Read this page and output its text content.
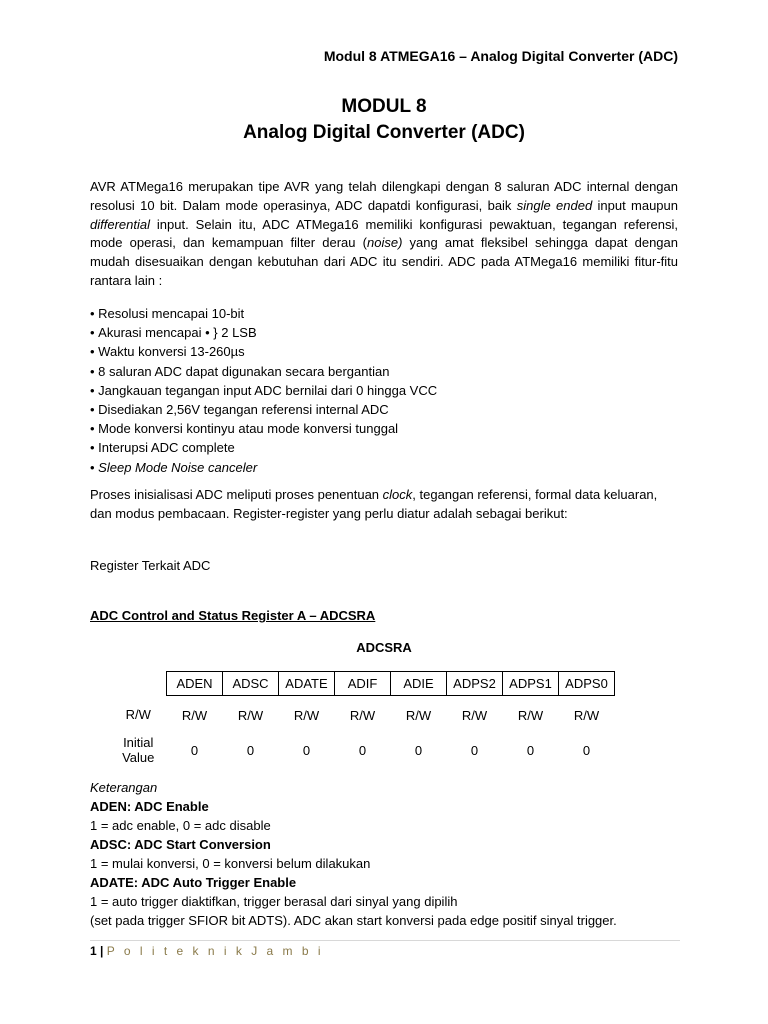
Modul 8 ATMEGA16 – Analog Digital Converter (ADC)
MODUL 8
Analog Digital Converter (ADC)
AVR ATMega16 merupakan tipe AVR yang telah dilengkapi dengan 8 saluran ADC internal dengan resolusi 10 bit. Dalam mode operasinya, ADC dapatdi konfigurasi, baik single ended input maupun differential input. Selain itu, ADC ATMega16 memiliki konfigurasi pewaktuan, tegangan referensi, mode operasi, dan kemampuan filter derau (noise) yang amat fleksibel sehingga dapat dengan mudah disesuaikan dengan kebutuhan dari ADC itu sendiri. ADC pada ATMega16 memiliki fitur-fitu rantara lain :
• Resolusi mencapai 10-bit
• Akurasi mencapai • } 2 LSB
• Waktu konversi 13-260µs
• 8 saluran ADC dapat digunakan secara bergantian
• Jangkauan tegangan input ADC bernilai dari 0 hingga VCC
• Disediakan 2,56V tegangan referensi internal ADC
• Mode konversi kontinyu atau mode konversi tunggal
• Interupsi ADC complete
• Sleep Mode Noise canceler
Proses inisialisasi ADC meliputi proses penentuan clock, tegangan referensi, formal data keluaran, dan modus pembacaan. Register-register yang perlu diatur adalah sebagai berikut:
Register Terkait ADC
ADC Control and Status Register A – ADCSRA
ADCSRA
	ADEN	ADSC	ADATE	ADIF	ADIE	ADPS2	ADPS1	ADPS0
R/W	R/W	R/W	R/W	R/W	R/W	R/W	R/W	R/W
Initial
Value	0	0	0	0	0	0	0	0
Keterangan
ADEN: ADC Enable
1 = adc enable, 0 = adc disable
ADSC: ADC Start Conversion
1 = mulai konversi, 0 = konversi belum dilakukan
ADATE: ADC Auto Trigger Enable
1 = auto trigger diaktifkan, trigger berasal dari sinyal yang dipilih
(set pada trigger SFIOR bit ADTS). ADC akan start konversi pada edge positif sinyal trigger.
1 | P o l i t e k n i k J a m b i
